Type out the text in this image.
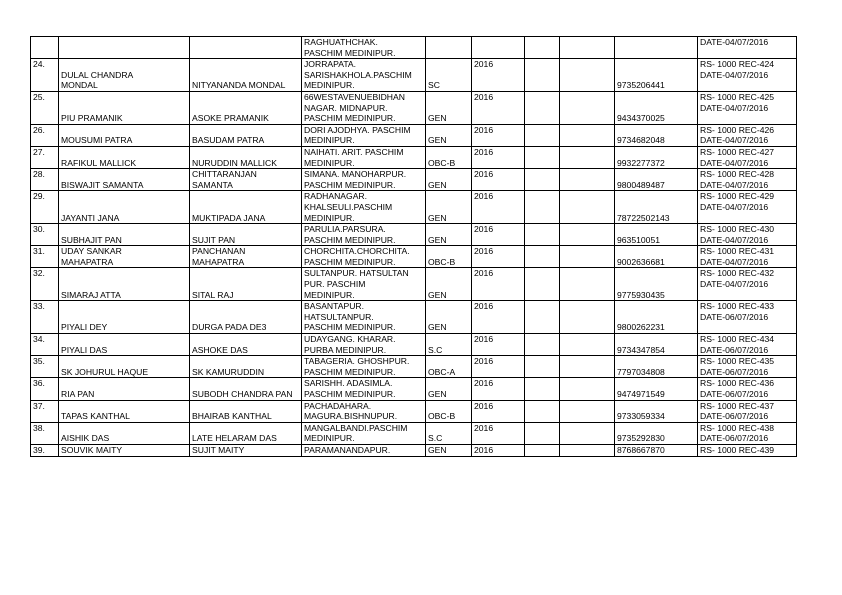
			RAGHUATHCHAK.
PASCHIM MEDINIPUR.						DATE-04/07/2016
24.	DULAL CHANDRA
MONDAL	NITYANANDA MONDAL	JORRAPATA.
SARISHAKHOLA.PASCHIM
MEDINIPUR.	SC	2016			9735206441	RS- 1000 REC-424
DATE-04/07/2016
25.	PIU PRAMANIK	ASOKE PRAMANIK	66WESTAVENUEBIDHAN
NAGAR. MIDNAPUR.
PASCHIM MEDINIPUR.	GEN	2016			9434370025	RS- 1000 REC-425
DATE-04/07/2016
26.	MOUSUMI PATRA	BASUDAM PATRA	DORI AJODHYA. PASCHIM
MEDINIPUR.	GEN	2016			9734682048	RS- 1000 REC-426
DATE-04/07/2016
27.	RAFIKUL MALLICK	NURUDDIN MALLICK	NAIHATI. ARIT. PASCHIM
MEDINIPUR.	OBC-B	2016			9932277372	RS- 1000 REC-427
DATE-04/07/2016
28.	BISWAJIT SAMANTA	CHITTARANJAN
SAMANTA	SIMANA. MANOHARPUR.
PASCHIM MEDINIPUR.	GEN	2016			9800489487	RS- 1000 REC-428
DATE-04/07/2016
29.	JAYANTI JANA	MUKTIPADA JANA	RADHANAGAR.
KHALSEULI.PASCHIM
MEDINIPUR.	GEN	2016			78722502143	RS- 1000 REC-429
DATE-04/07/2016
30.	SUBHAJIT PAN	SUJIT PAN	PARULIA.PARSURA.
PASCHIM MEDINIPUR.	GEN	2016			963510051	RS- 1000 REC-430
DATE-04/07/2016
31.	UDAY SANKAR
MAHAPATRA	PANCHANAN
MAHAPATRA	CHORCHITA.CHORCHITA.
PASCHIM MEDINIPUR.	OBC-B	2016			9002636681	RS- 1000 REC-431
DATE-04/07/2016
32.	SIMARAJ ATTA	SITAL RAJ	SULTANPUR. HATSULTAN
PUR. PASCHIM
MEDINIPUR.	GEN	2016			9775930435	RS- 1000 REC-432
DATE-04/07/2016
33.	PIYALI DEY	DURGA PADA DE3	BASANTAPUR.
HATSULTANPUR.
PASCHIM MEDINIPUR.	GEN	2016			9800262231	RS- 1000 REC-433
DATE-06/07/2016
34.	PIYALI DAS	ASHOKE DAS	UDAYGANG. KHARAR.
PURBA MEDINIPUR.	S.C	2016			9734347854	RS- 1000 REC-434
DATE-06/07/2016
35.	SK JOHURUL HAQUE	SK KAMURUDDIN	TABAGERIA. GHOSHPUR.
PASCHIM MEDINIPUR.	OBC-A	2016			7797034808	RS- 1000 REC-435
DATE-06/07/2016
36.	RIA PAN	SUBODH CHANDRA PAN	SARISHH. ADASIMLA.
PASCHIM MEDINIPUR.	GEN	2016			9474971549	RS- 1000 REC-436
DATE-06/07/2016
37.	TAPAS KANTHAL	BHAIRAB KANTHAL	PACHADAHARA.
MAGURA.BISHNUPUR.	OBC-B	2016			9733059334	RS- 1000 REC-437
DATE-06/07/2016
38.	AISHIK DAS	LATE HELARAM DAS	MANGALBANDI.PASCHIM
MEDINIPUR.	S.C	2016			9735292830	RS- 1000 REC-438
DATE-06/07/2016
39.	SOUVIK MAITY	SUJIT MAITY	PARAMANANDAPUR.	GEN	2016			8768667870	RS- 1000 REC-439
